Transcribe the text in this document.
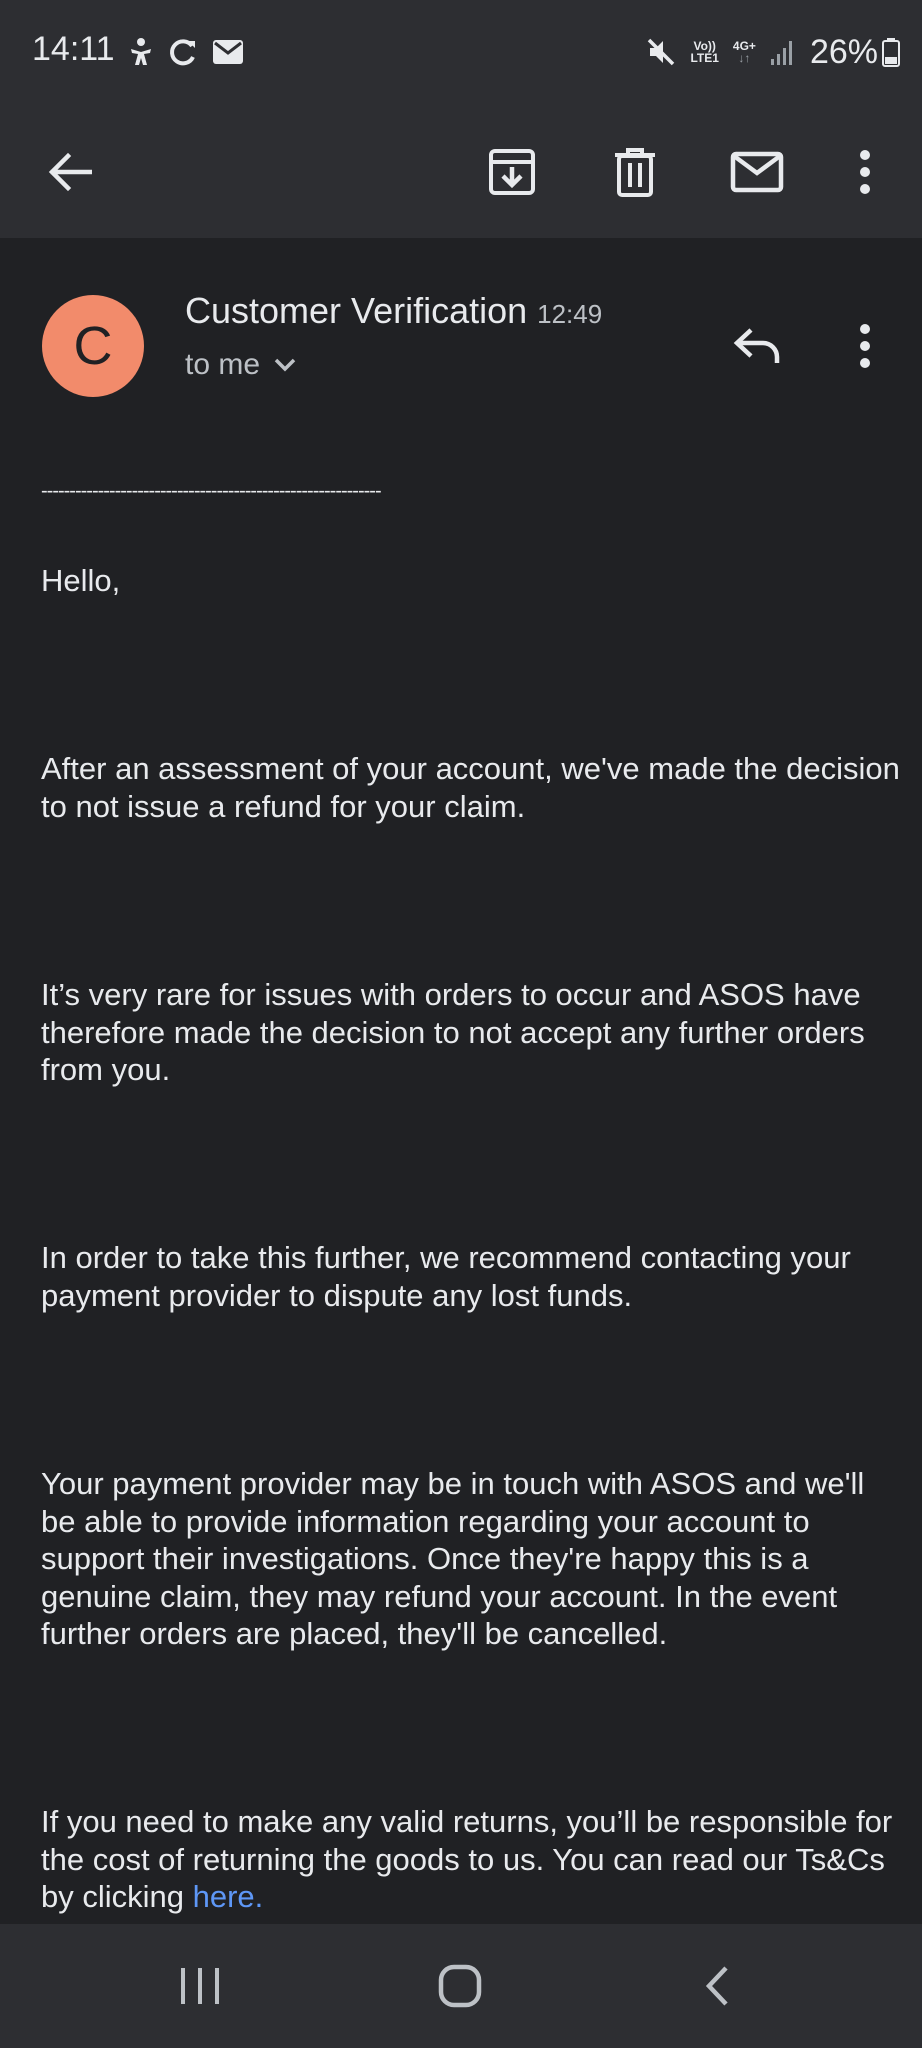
14:11	Vo))
LTE1
4G+
↓↑ 26%
C
Customer Verification 12:49
to me
------------------------------------------------------------
Hello,
After an assessment of your account, we've made the decision to not issue a refund for your claim.
It’s very rare for issues with orders to occur and ASOS have therefore made the decision to not accept any further orders from you.
In order to take this further, we recommend contacting your payment provider to dispute any lost funds.
Your payment provider may be in touch with ASOS and we'll be able to provide information regarding your account to support their investigations. Once they're happy this is a genuine claim, they may refund your account. In the event further orders are placed, they'll be cancelled.
If you need to make any valid returns, you’ll be responsible for the cost of returning the goods to us. You can read our Ts&Cs by clicking here.
